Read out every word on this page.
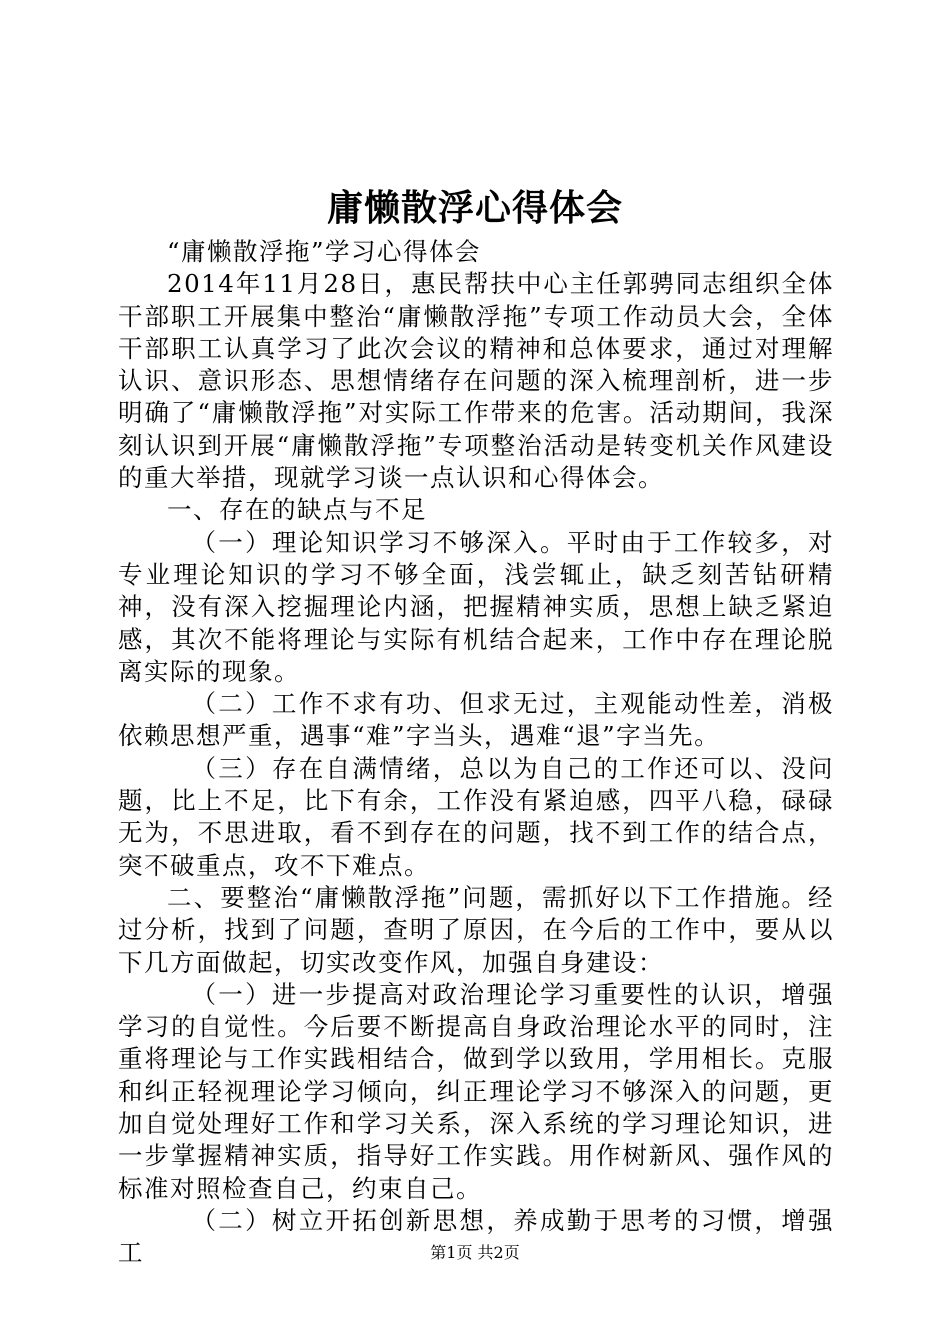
庸懒散浮心得体会

“庸懒散浮拖”学习心得体会

2014年11月28日，惠民帮扶中心主任郭骋同志组织全体干部职工开展集中整治“庸懒散浮拖”专项工作动员大会，全体干部职工认真学习了此次会议的精神和总体要求，通过对理解认识、意识形态、思想情绪存在问题的深入梳理剖析，进一步明确了“庸懒散浮拖”对实际工作带来的危害。活动期间，我深刻认识到开展“庸懒散浮拖”专项整治活动是转变机关作风建设的重大举措，现就学习谈一点认识和心得体会。

一、存在的缺点与不足

（一）理论知识学习不够深入。平时由于工作较多，对专业理论知识的学习不够全面，浅尝辄止，缺乏刻苦钻研精神，没有深入挖掘理论内涵，把握精神实质，思想上缺乏紧迫感，其次不能将理论与实际有机结合起来，工作中存在理论脱离实际的现象。

（二）工作不求有功、但求无过，主观能动性差，消极依赖思想严重，遇事“难”字当头，遇难“退”字当先。

（三）存在自满情绪，总以为自己的工作还可以、没问题，比上不足，比下有余，工作没有紧迫感，四平八稳，碌碌无为，不思进取，看不到存在的问题，找不到工作的结合点，突不破重点，攻不下难点。

二、要整治“庸懒散浮拖”问题，需抓好以下工作措施。经过分析，找到了问题，查明了原因，在今后的工作中，要从以下几方面做起，切实改变作风，加强自身建设：

（一）进一步提高对政治理论学习重要性的认识，增强学习的自觉性。今后要不断提高自身政治理论水平的同时，注重将理论与工作实践相结合，做到学以致用，学用相长。克服和纠正轻视理论学习倾向，纠正理论学习不够深入的问题，更加自觉处理好工作和学习关系，深入系统的学习理论知识，进一步掌握精神实质，指导好工作实践。用作树新风、强作风的标准对照检查自己，约束自己。

（二）树立开拓创新思想，养成勤于思考的习惯，增强工	第1页 共2页
